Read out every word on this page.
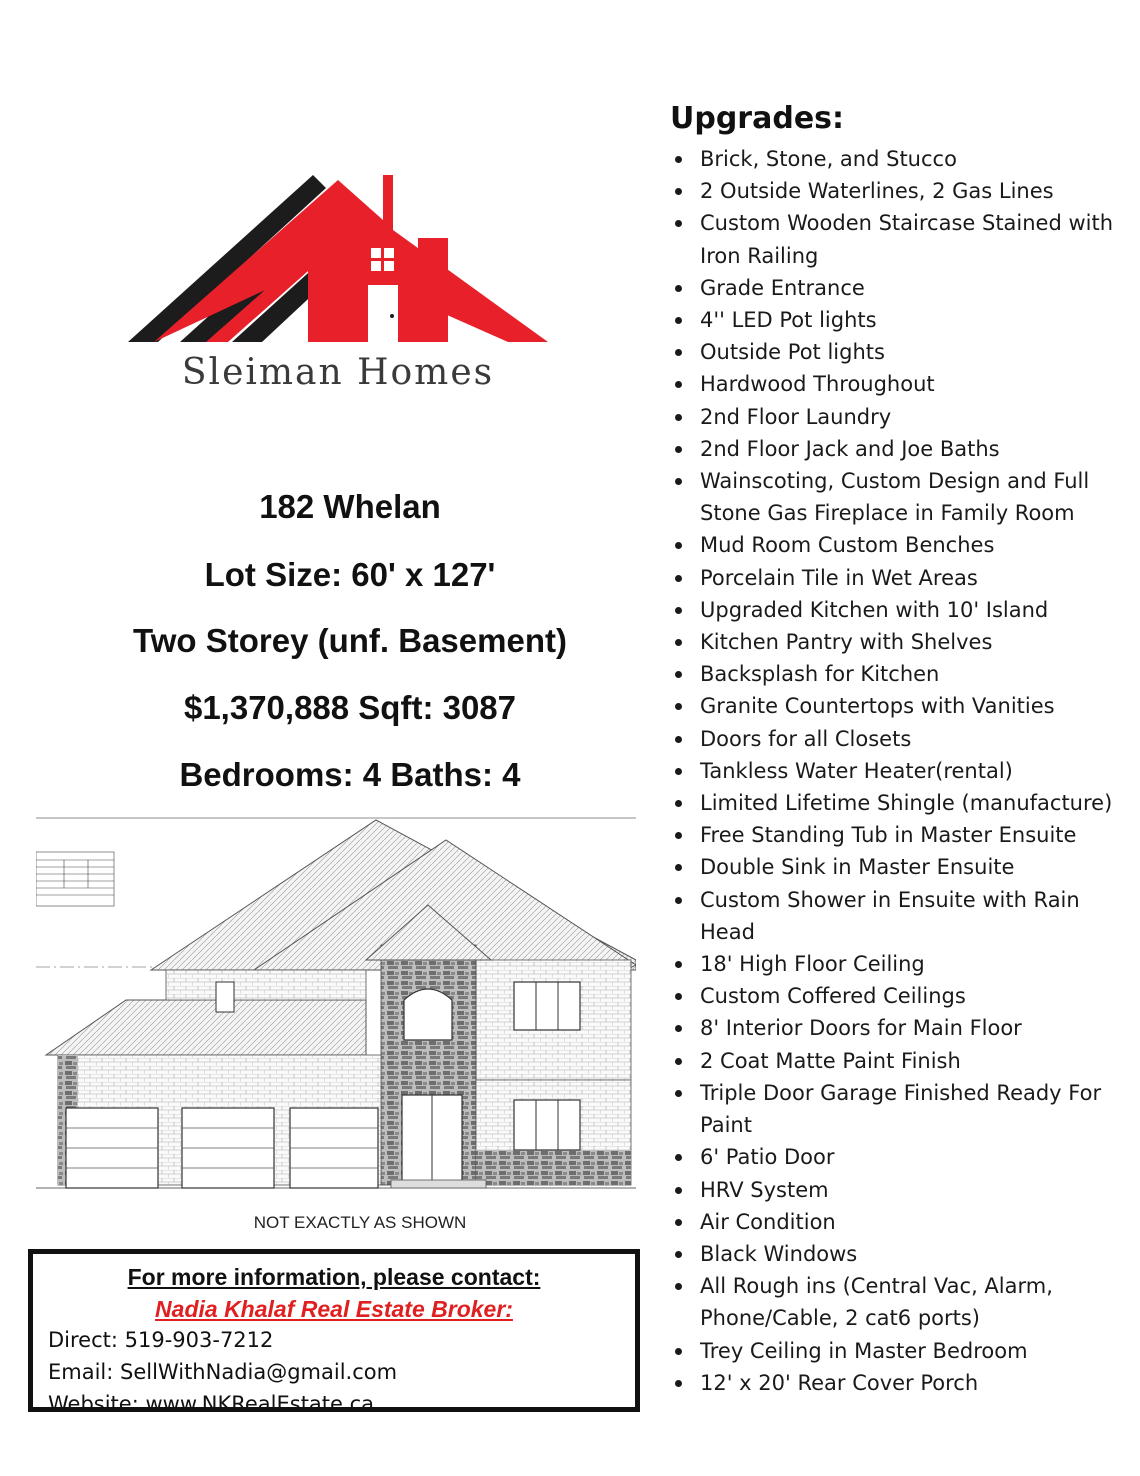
Sleiman Homes
182 Whelan
Lot Size: 60' x 127'
Two Storey (unf. Basement)
$1,370,888 Sqft: 3087
Bedrooms: 4 Baths: 4
NOT EXACTLY AS SHOWN
For more information, please contact:
Nadia Khalaf Real Estate Broker:
Direct: 519-903-7212
Email: SellWithNadia@gmail.com
Website: www.NKRealEstate.ca
Upgrades:
Brick, Stone, and Stucco
2 Outside Waterlines, 2 Gas Lines
Custom Wooden Staircase Stained with Iron Railing
Grade Entrance
4'' LED Pot lights
Outside Pot lights
Hardwood Throughout
2nd Floor Laundry
2nd Floor Jack and Joe Baths
Wainscoting, Custom Design and Full Stone Gas Fireplace in Family Room
Mud Room Custom Benches
Porcelain Tile in Wet Areas
Upgraded Kitchen with 10' Island
Kitchen Pantry with Shelves
Backsplash for Kitchen
Granite Countertops with Vanities
Doors for all Closets
Tankless Water Heater(rental)
Limited Lifetime Shingle (manufacture)
Free Standing Tub in Master Ensuite
Double Sink in Master Ensuite
Custom Shower in Ensuite with Rain Head
18' High Floor Ceiling
Custom Coffered Ceilings
8' Interior Doors for Main Floor
2 Coat Matte Paint Finish
Triple Door Garage Finished Ready For Paint
6' Patio Door
HRV System
Air Condition
Black Windows
All Rough ins (Central Vac, Alarm, Phone/Cable, 2 cat6 ports)
Trey Ceiling in Master Bedroom
12' x 20' Rear Cover Porch
